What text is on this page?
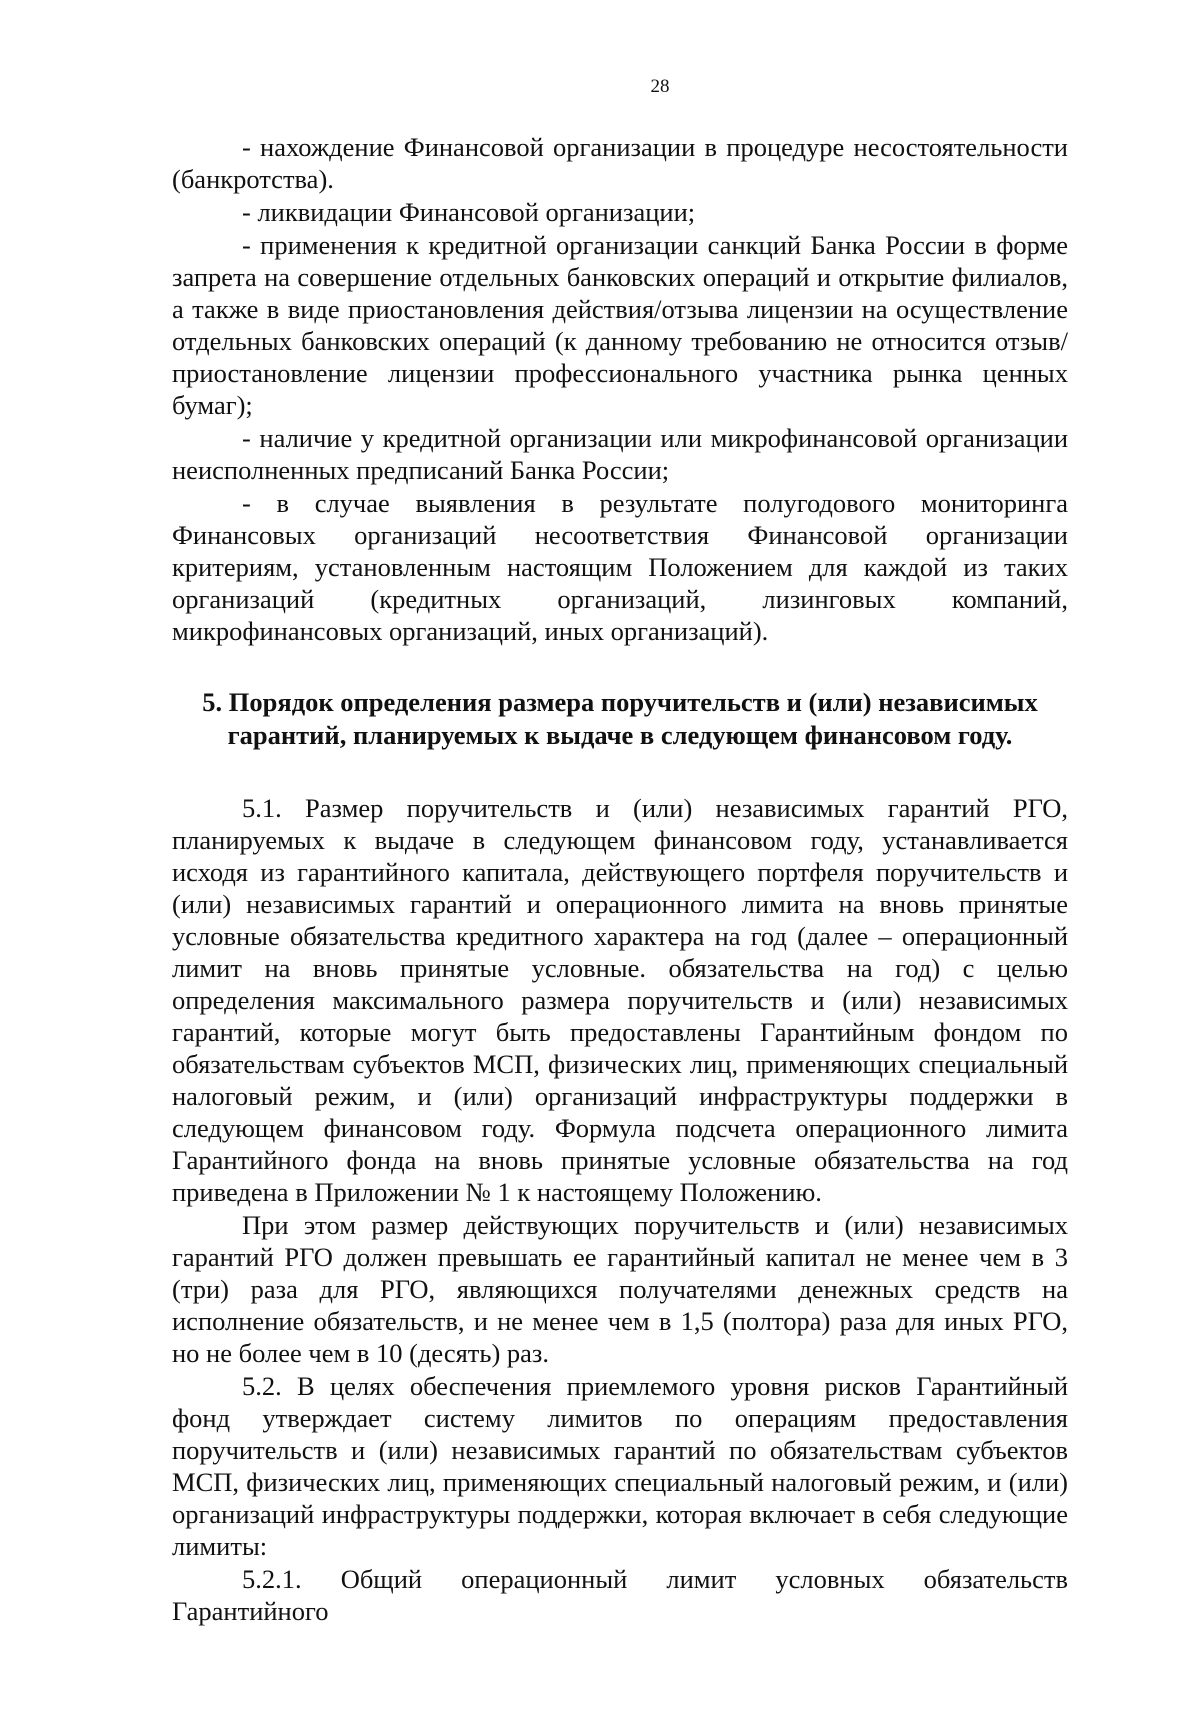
28

- нахождение Финансовой организации в процедуре несостоятельности (банкротства).

- ликвидации Финансовой организации;

- применения к кредитной организации санкций Банка России в форме запрета на совершение отдельных банковских операций и открытие филиалов, а также в виде приостановления действия/отзыва лицензии на осуществление отдельных банковских операций (к данному требованию не относится отзыв/приостановление лицензии профессионального участника рынка ценных бумаг);

- наличие у кредитной организации или микрофинансовой организации неисполненных предписаний Банка России;

- в случае выявления в результате полугодового мониторинга Финансовых организаций несоответствия Финансовой организации критериям, установленным настоящим Положением для каждой из таких организаций (кредитных организаций, лизинговых компаний, микрофинансовых организаций, иных организаций).

5. Порядок определения размера поручительств и (или) независимых гарантий, планируемых к выдаче в следующем финансовом году.

5.1. Размер поручительств и (или) независимых гарантий РГО, планируемых к выдаче в следующем финансовом году, устанавливается исходя из гарантийного капитала, действующего портфеля поручительств и (или) независимых гарантий и операционного лимита на вновь принятые условные обязательства кредитного характера на год (далее – операционный лимит на вновь принятые условные. обязательства на год) с целью определения максимального размера поручительств и (или) независимых гарантий, которые могут быть предоставлены Гарантийным фондом по обязательствам субъектов МСП, физических лиц, применяющих специальный налоговый режим, и (или) организаций инфраструктуры поддержки в следующем финансовом году. Формула подсчета операционного лимита Гарантийного фонда на вновь принятые условные обязательства на год приведена в Приложении № 1 к настоящему Положению.

При этом размер действующих поручительств и (или) независимых гарантий РГО должен превышать ее гарантийный капитал не менее чем в 3 (три) раза для РГО, являющихся получателями денежных средств на исполнение обязательств, и не менее чем в 1,5 (полтора) раза для иных РГО, но не более чем в 10 (десять) раз.

5.2. В целях обеспечения приемлемого уровня рисков Гарантийный фонд утверждает систему лимитов по операциям предоставления поручительств и (или) независимых гарантий по обязательствам субъектов МСП, физических лиц, применяющих специальный налоговый режим, и (или) организаций инфраструктуры поддержки, которая включает в себя следующие лимиты:

5.2.1. Общий операционный лимит условных обязательств Гарантийного
